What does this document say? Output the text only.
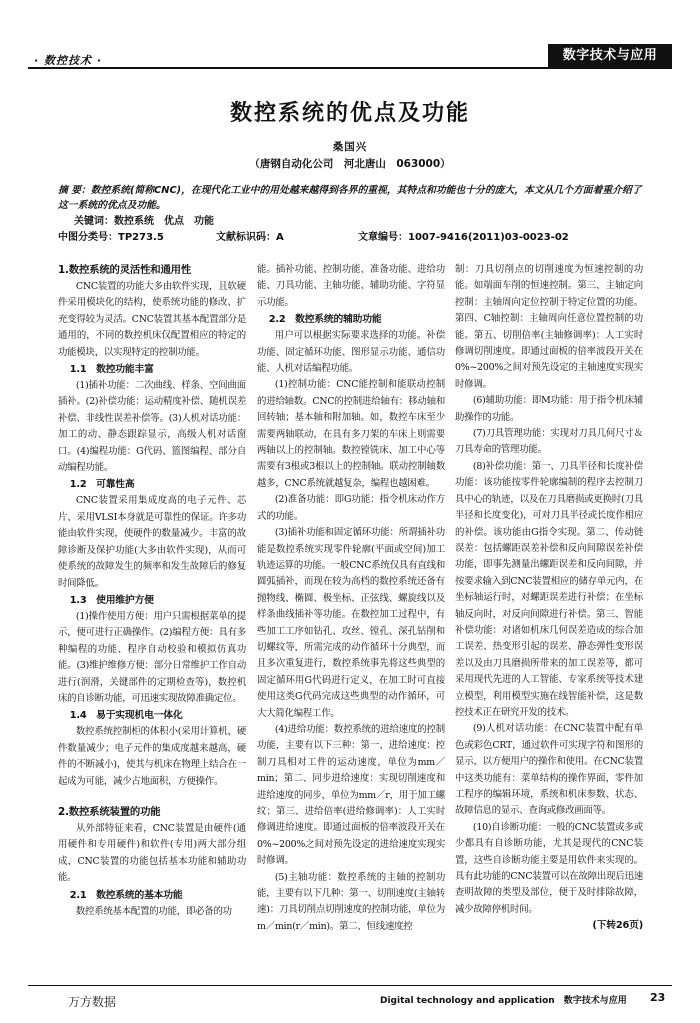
· 数控技术 ·	数字技术与应用
数控系统的优点及功能
桑国兴
（唐钢自动化公司　河北唐山　063000）
摘 要：数控系统(简称CNC)，在现代化工业中的用处越来越得到各界的重视，其特点和功能也十分的庞大，本文从几个方面着重介绍了这一系统的优点及功能。
关键词：数控系统　优点　功能
中图分类号：TP273.5	文献标识码：A	文章编号：1007-9416(2011)03-0023-02
1.数控系统的灵活性和通用性

CNC装置的功能大多由软件实现，且软硬件采用模块化的结构，使系统功能的修改、扩充变得较为灵活。CNC装置其基本配置部分是通用的，不同的数控机床仅配置相应的特定的功能模块，以实现特定的控制功能。

1.1　数控功能丰富

(1)插补功能：二次曲线、样条、空间曲面插补。(2)补偿功能：运动精度补偿、随机误差补偿、非线性误差补偿等。(3)人机对话功能：加工的动、静态跟踪显示，高级人机对话窗口。(4)编程功能：G代码、篮图编程、部分自动编程功能。

1.2　可靠性高

CNC装置采用集成度高的电子元件、芯片、采用VLSI本身就是可靠性的保证。许多功能由软件实现，使硬件的数量减少。丰富的故障诊断及保护功能(大多由软件实现)，从而可使系统的故障发生的频率和发生故障后的修复时间降低。

1.3　使用维护方便

(1)操作使用方便：用户只需根据菜单的提示，便可进行正确操作。(2)编程方便：具有多种编程的功能、程序自动校验和模拟仿真功能。(3)维护维修方便：部分日常维护工作自动进行(润滑，关键部件的定期检查等)，数控机床的自诊断功能，可迅速实现故障准确定位。

1.4　易于实现机电一体化

数控系统控制柜的体积小(采用计算机，硬件数量减少；电子元件的集成度越来越高，硬件的不断减小)，使其与机床在物理上结合在一起成为可能，减少占地面积，方便操作。

2.数控系统装置的功能

从外部特征来看，CNC装置是由硬件(通用硬件和专用硬件)和软件(专用)两大部分组成，CNC装置的功能包括基本功能和辅助功能。

2.1　数控系统的基本功能

数控系统基本配置的功能，即必备的功

能。插补功能、控制功能、准备功能、进给功能、刀具功能、主轴功能、辅助功能、字符显示功能。

2.2　数控系统的辅助功能

用户可以根据实际要求选择的功能。补偿功能、固定循环功能、图形显示功能、通信功能、人机对话编程功能。

(1)控制功能：CNC能控制和能联动控制的进给轴数。CNC的控制进给轴有：移动轴和回转轴；基本轴和附加轴。如，数控车床至少需要两轴联动，在具有多刀架的车床上则需要两轴以上的控制轴。数控镗铣床、加工中心等需要有3根或3根以上的控制轴。联动控制轴数越多，CNC系统就越复杂，编程也越困难。

(2)准备功能：即G功能：指令机床动作方式的功能。

(3)插补功能和固定循环功能：所谓插补功能是数控系统实现零件轮廓(平面或空间)加工轨迹运算的功能。一般CNC系统仅具有直线和圆弧插补，而现在较为高档的数控系统还备有抛物线、椭圆、极坐标、正弦线、螺旋线以及样条曲线插补等功能。在数控加工过程中，有些加工工序如钻孔、攻丝、镗孔、深孔钻削和切螺纹等，所需完成的动作循环十分典型，而且多次重复进行，数控系统事先将这些典型的固定循环用G代码进行定义，在加工时可直接使用这类G代码完成这些典型的动作循环，可大大简化编程工作。

(4)进给功能：数控系统的进给速度的控制功能，主要有以下三种：第一、进给速度：控制刀具相对工件的运动速度，单位为mm／min；第二、同步进给速度：实现切削速度和进给速度的同步，单位为mm／r，用于加工螺纹；第三、进给倍率(进给修调率)：人工实时修调进给速度。即通过面板的倍率波段开关在0%~200%之间对预先设定的进给速度实现实时修调。

(5)主轴功能：数控系统的主轴的控制功能，主要有以下几种：第一、切削速度(主轴转速)：刀具切削点切削速度的控制功能，单位为m／min(r／min)。第二、恒线速度控

制：刀具切削点的切削速度为恒速控制的功能。如端面车削的恒速控制。第三、主轴定向控制：主轴周向定位控制于特定位置的功能。第四、C轴控制：主轴周向任意位置控制的功能。第五、切削倍率(主轴修调率)：人工实时修调切削速度。即通过面板的倍率波段开关在0%~200%之间对预先设定的主轴速度实现实时修调。

(6)辅助功能：即M功能：用于指令机床辅助操作的功能。

(7)刀具管理功能：实现对刀具几何尺寸＆刀具寿命的管理功能。

(8)补偿功能：第一、刀具半径和长度补偿功能：该功能按零件轮廓编制的程序去控制刀具中心的轨迹，以及在刀具磨损或更换时(刀具半径和长度变化)，可对刀具半径或长度作相应的补偿。该功能由G指令实现。第二、传动链误差：包括螺距误差补偿和反向间隙误差补偿功能，即事先测量出螺距误差和反向间隙，并按要求输入到CNC装置相应的储存单元内，在坐标轴运行时，对螺距误差进行补偿；在坐标轴反向时，对反向间隙进行补偿。第三、智能补偿功能：对诸如机床几何误差造成的综合加工误差、热变形引起的误差、静态弹性变形误差以及由刀具磨损所带来的加工误差等，都可采用现代先进的人工智能、专家系统等技术建立模型，利用模型实施在线智能补偿，这是数控技术正在研究开发的技术。

(9)人机对话功能：在CNC装置中配有单色或彩色CRT，通过软件可实现字符和图形的显示，以方便用户的操作和使用。在CNC装置中这类功能有：菜单结构的操作界面，零件加工程序的编辑环境，系统和机床参数、状态、故障信息的显示、查询或修改画面等。

(10)自诊断功能：一般的CNC装置或多或少都具有自诊断功能，尤其是现代的CNC装置，这些自诊断功能主要是用软件来实现的。具有此功能的CNC装置可以在故障出现后迅速查明故障的类型及部位，便于及时排除故障，减少故障停机时间。

(下转26页)
万方数据	Digital technology and application　数字技术与应用 23
